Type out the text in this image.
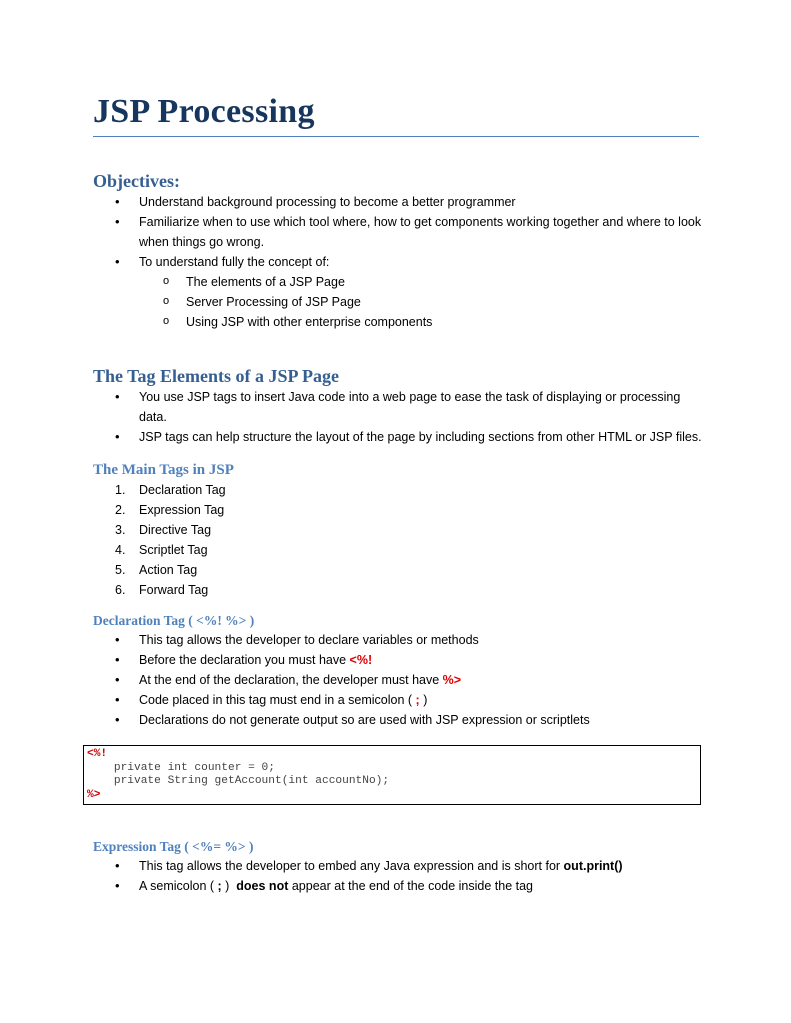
JSP Processing
Objectives:
• Understand background processing to become a better programmer
• Familiarize when to use which tool where, how to get components working together and where to look when things go wrong.
• To understand fully the concept of:
o The elements of a JSP Page
o Server Processing of JSP Page
o Using JSP with other enterprise components
The Tag Elements of a JSP Page
• You use JSP tags to insert Java code into a web page to ease the task of displaying or processing data.
• JSP tags can help structure the layout of the page by including sections from other HTML or JSP files.
The Main Tags in JSP
1. Declaration Tag
2. Expression Tag
3. Directive Tag
4. Scriptlet Tag
5. Action Tag
6. Forward Tag
Declaration Tag ( <%! %> )
• This tag allows the developer to declare variables or methods
• Before the declaration you must have <%!
• At the end of the declaration, the developer must have %>
• Code placed in this tag must end in a semicolon ( ; )
• Declarations do not generate output so are used with JSP expression or scriptlets
<%!
private int counter = 0;
private String getAccount(int accountNo);
%>
Expression Tag ( <%= %> )
• This tag allows the developer to embed any Java expression and is short for out.print()
• A semicolon ( ; )  does not appear at the end of the code inside the tag
